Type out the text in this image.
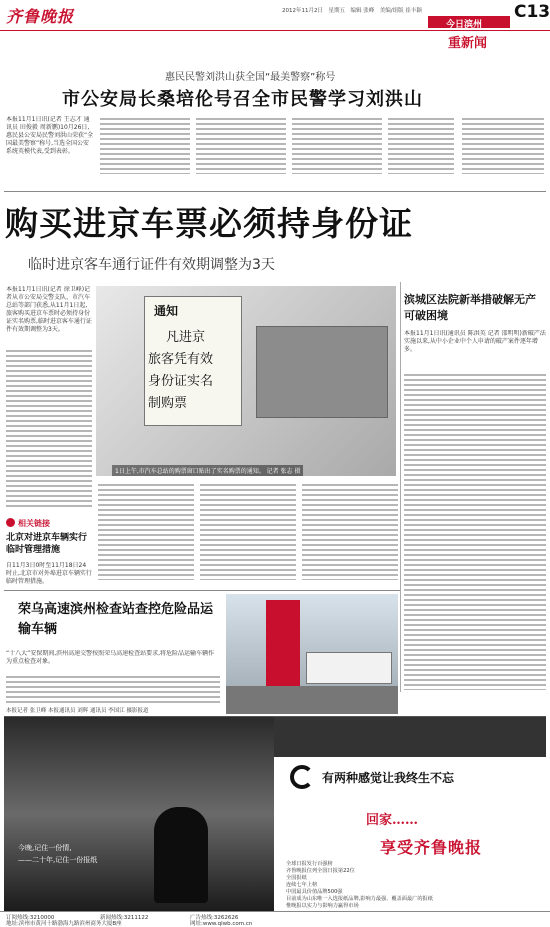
齐鲁晚报	2012年11月2日　星期五　编辑 张峰　美编/组版 崔丰颖	C13
今日滨州
重新闻
惠民民警刘洪山获全国“最美警察”称号
市公安局长桑培伦号召全市民警学习刘洪山
本报11月1日讯(记者 王志才 通讯员 田俊毅 周新鹏)10月26日,惠民县公安局民警刘洪山荣获“全国最美警察”称号,当选全国公安系统英模代表,受到表彰。
购买进京车票必须持身份证
临时进京客车通行证件有效期调整为3天
本报11月1日讯(记者 徐卫峰)记者从市公安局交警支队、市汽车总站等部门获悉,从11月1日起,旅客购买进京车票时必须持身份证实名购票,临时进京客车通行证件有效期调整为3天。
通知
凡进京
旅客凭有效
身份证实名
制购票
1日上午,市汽车总站的购票窗口贴出了实名购票的通知。 记者 张志 摄
相关链接
北京对进京车辆实行临时管理措施
自11月3日0时至11月18日24时止,北京市对外埠进京车辆实行临时管理措施。
滨城区法院新举措破解无产可破困境
本报11月1日讯(通讯员 陈洪英 记者 邵明明)新破产法实施以来,从中小企业中个人申请的破产案件逐年增多。
荣乌高速滨州检查站查控危险品运输车辆
“十八大”安保期间,滨州高速交警按照荣乌高速检查站要求,将危险品运输车辆作为重点检查对象。
本报记者 张卫峰 本报通讯员 刘辉 通讯员 李国江 摄影报道
今晚,记住一份情,
——二十年,记住一份报纸
有两种感觉让我终生不忘
回家……
享受齐鲁晚报
全球日报发行百强榜
齐鲁晚报位列全国日报第22位
全国报纸
连续七年上榜
中国最具价值品牌500强
目前成为山东唯一入选报纸品牌,影响力最强、覆盖面最广的报纸
惟晚报以实力与影响力赢得市场
订阅热线:3210000	新闻热线:3211122	广告热线:3262626
地址:滨州市黄河十路渤海九路滨州商务大厦B座	网址:www.qlwb.com.cn
